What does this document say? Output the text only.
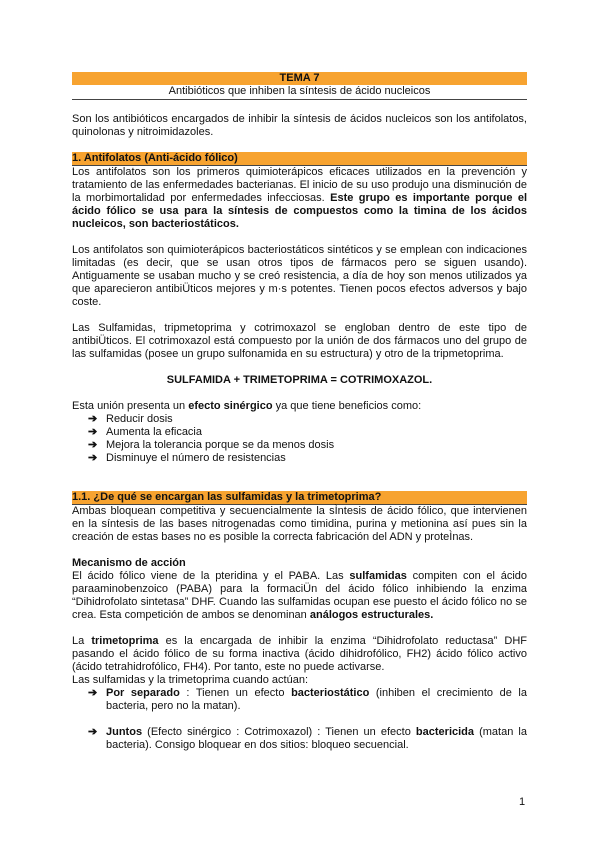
TEMA 7
Antibióticos que inhiben la síntesis de ácido nucleicos

Son los antibióticos encargados de inhibir la síntesis de ácidos nucleicos son los antifolatos, quinolonas y nitroimidazoles.

1. Antifolatos (Anti-ácido fólico)

Los antifolatos son los primeros quimioterápicos eficaces utilizados en la prevención y tratamiento de las enfermedades bacterianas. El inicio de su uso produjo una disminución de la morbimortalidad por enfermedades infecciosas. Este grupo es importante porque el ácido fólico se usa para la síntesis de compuestos como la timina de los ácidos nucleicos, son bacteriostáticos.

Los antifolatos son quimioterápicos bacteriostáticos sintéticos y se emplean con indicaciones limitadas (es decir, que se usan otros tipos de fármacos pero se siguen usando). Antiguamente se usaban mucho y se creó resistencia, a día de hoy son menos utilizados ya que aparecieron antibiÜticos mejores y m·s potentes. Tienen pocos efectos adversos y bajo coste.

Las Sulfamidas, tripmetoprima y cotrimoxazol se engloban dentro de este tipo de antibiÜticos. El cotrimoxazol está compuesto por la unión de dos fármacos uno del grupo de las sulfamidas (posee un grupo sulfonamida en su estructura) y otro de la tripmetoprima.

SULFAMIDA + TRIMETOPRIMA = COTRIMOXAZOL.

Esta unión presenta un efecto sinérgico ya que tiene beneficios como:

➔ Reducir dosis
➔ Aumenta la eficacia
➔ Mejora la tolerancia porque se da menos dosis
➔ Disminuye el número de resistencias
1.1. ¿De qué se encargan las sulfamidas y la trimetoprima?

Ambas bloquean competitiva y secuencialmente la sÌntesis de ácido fólico, que intervienen en la síntesis de las bases nitrogenadas como timidina, purina y metionina así pues sin la creación de estas bases no es posible la correcta fabricación del ADN y proteÌnas.

Mecanismo de acción

El ácido fólico viene de la pteridina y el PABA. Las sulfamidas compiten con el ácido paraaminobenzoico (PABA) para la formaciÜn del ácido fólico inhibiendo la enzima “Dihidrofolato sintetasa” DHF. Cuando las sulfamidas ocupan ese puesto el ácido fólico no se crea. Esta competición de ambos se denominan análogos estructurales.

La trimetoprima es la encargada de inhibir la enzima “Dihidrofolato reductasa” DHF pasando el ácido fólico de su forma inactiva (ácido dihidrofólico, FH2) ácido fólico activo (ácido tetrahidrofólico, FH4). Por tanto, este no puede activarse.

Las sulfamidas y la trimetoprima cuando actúan:

➔ Por separado : Tienen un efecto bacteriostático (inhiben el crecimiento de la bacteria, pero no la matan).
➔ Juntos (Efecto sinérgico : Cotrimoxazol) : Tienen un efecto bactericida (matan la bacteria). Consigo bloquear en dos sitios: bloqueo secuencial.
1
